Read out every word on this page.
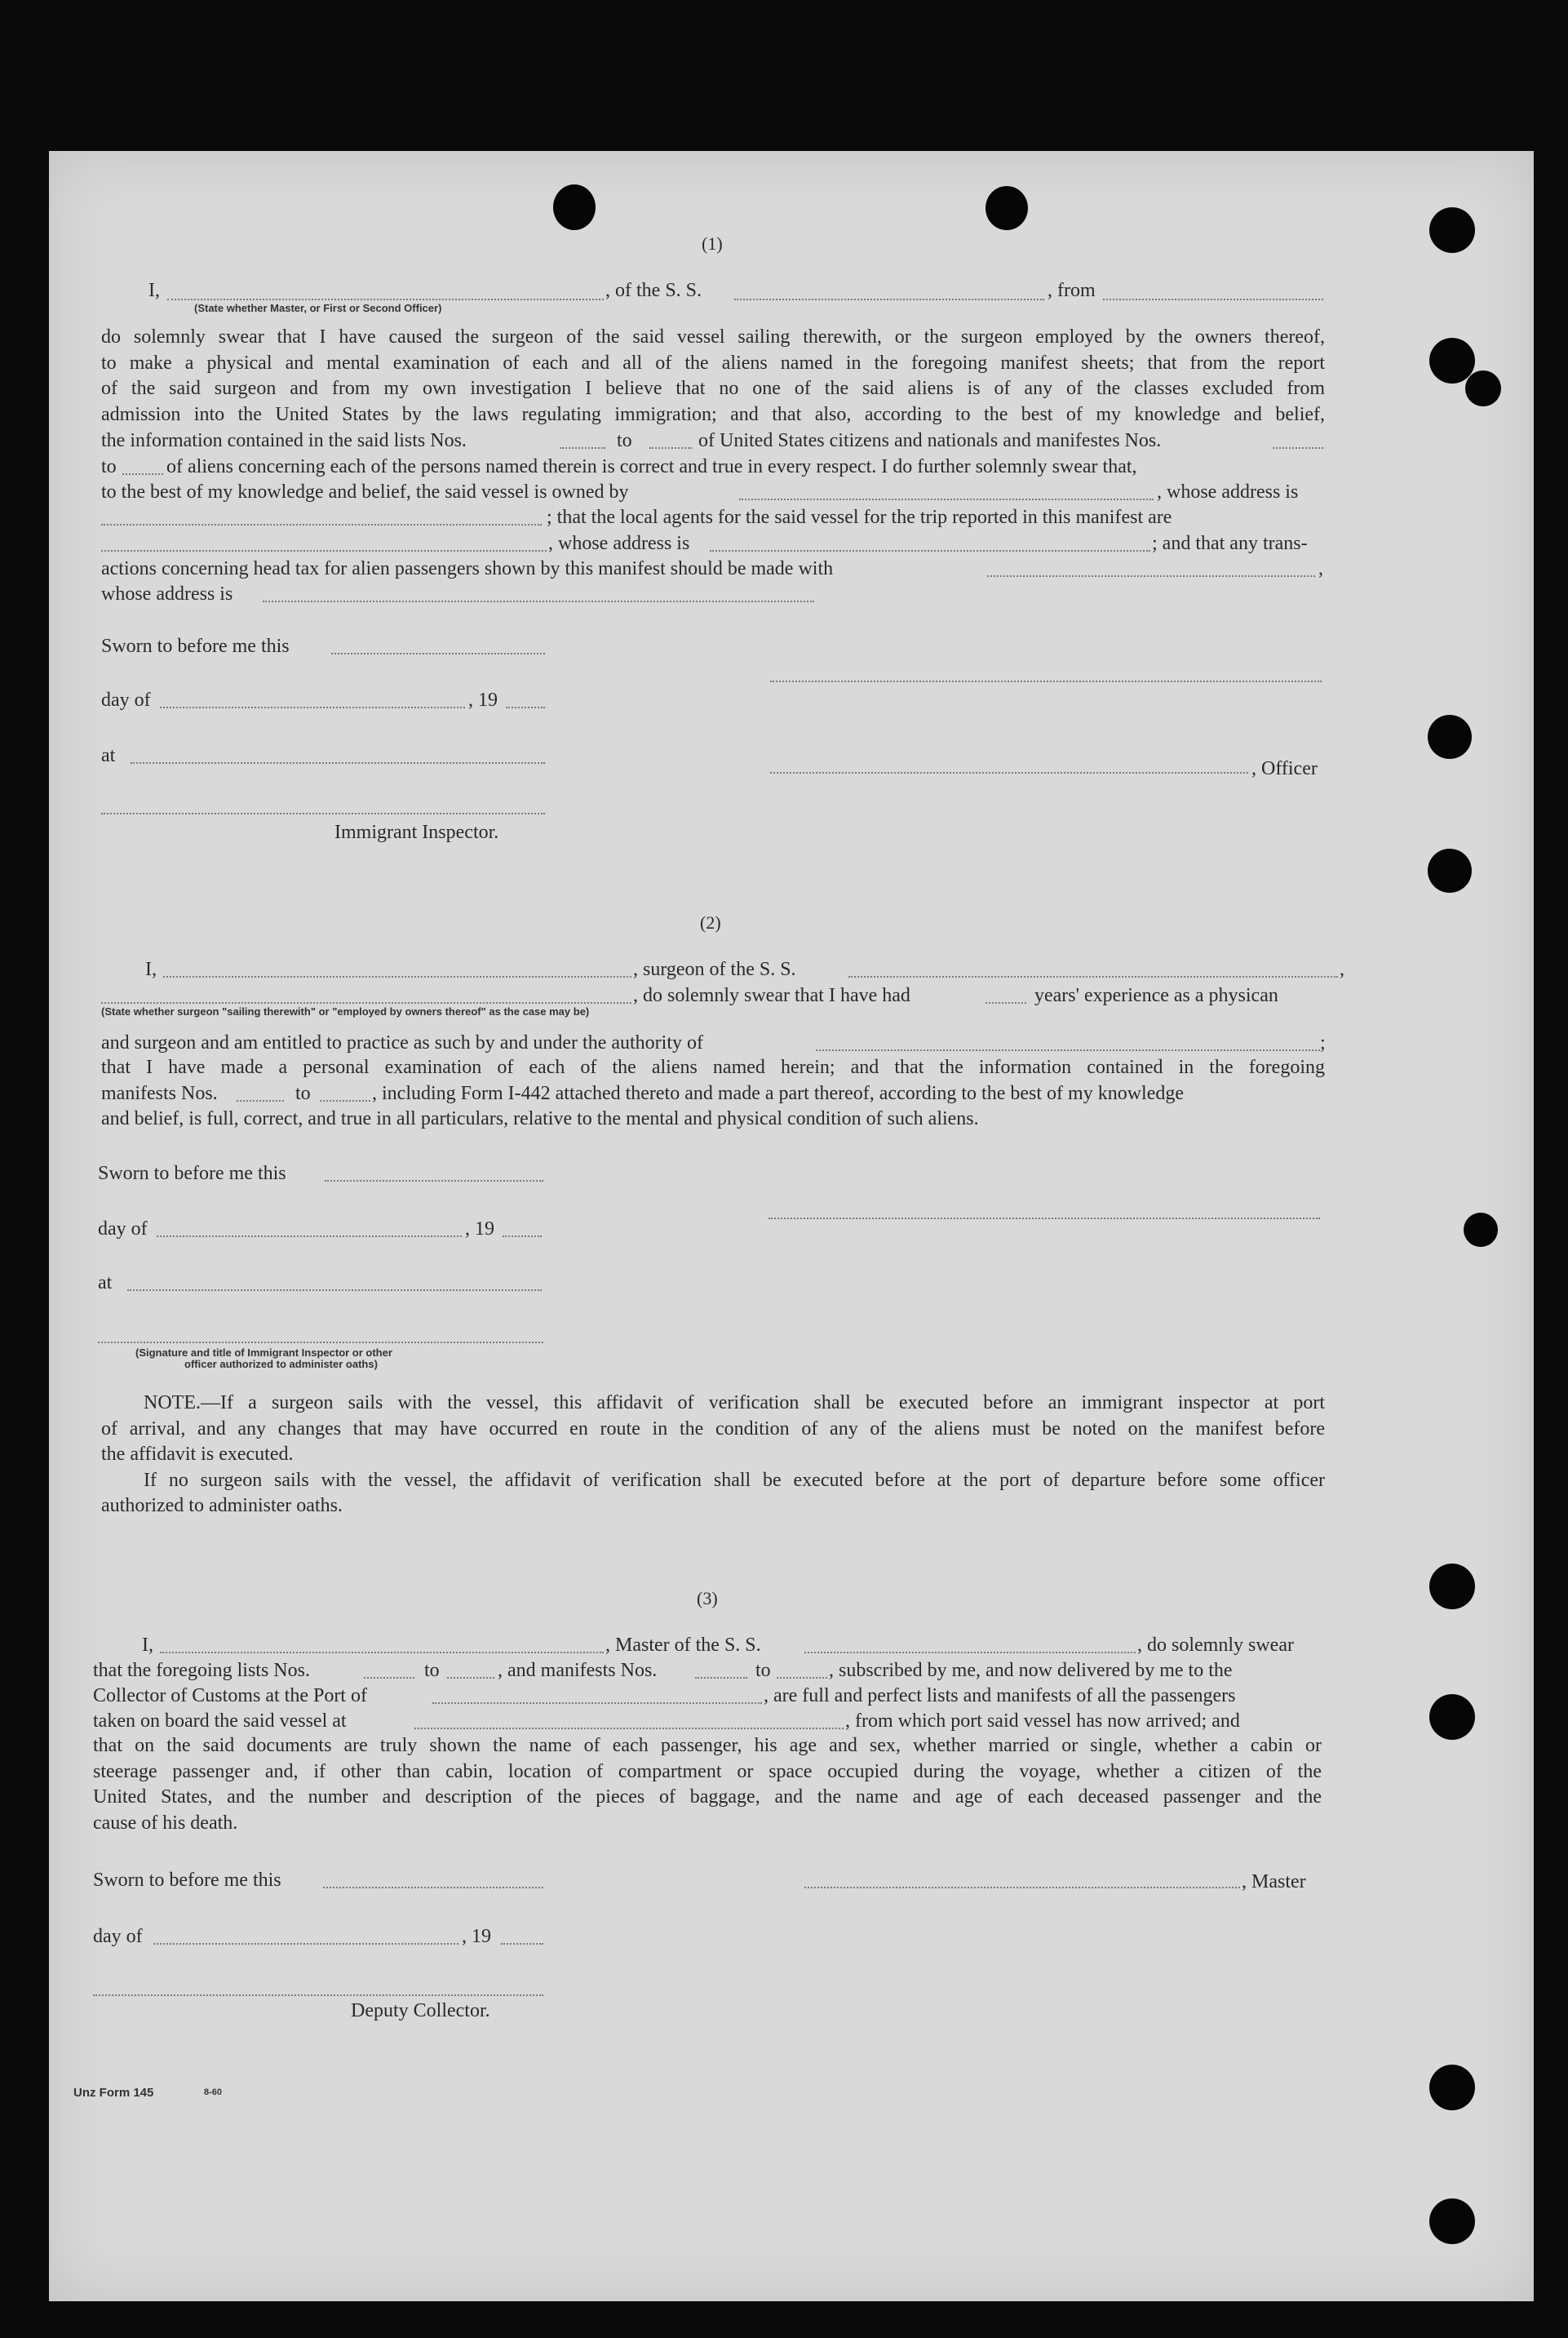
(1)
I,	, of the S. S.	, from
(State whether Master, or First or Second Officer)
do solemnly swear that I have caused the surgeon of the said vessel sailing therewith, or the surgeon employed by the owners thereof,
to make a physical and mental examination of each and all of the aliens named in the foregoing manifest sheets; that from the report
of the said surgeon and from my own investigation I believe that no one of the said aliens is of any of the classes excluded from
admission into the United States by the laws regulating immigration; and that also, according to the best of my knowledge and belief,
the information contained in the said lists Nos.	to	of United States citizens and nationals and manifestes Nos.
to	of aliens concerning each of the persons named therein is correct and true in every respect. I do further solemnly swear that,
to the best of my knowledge and belief, the said vessel is owned by	, whose address is
; that the local agents for the said vessel for the trip reported in this manifest are
, whose address is	; and that any trans-
actions concerning head tax for alien passengers shown by this manifest should be made with	,
whose address is
Sworn to before me this
day of	, 19
at
, Officer
Immigrant Inspector.
(2)
I,	, surgeon of the S. S.	,
, do solemnly swear that I have had	years' experience as a physican
(State whether surgeon "sailing therewith" or "employed by owners thereof" as the case may be)
and surgeon and am entitled to practice as such by and under the authority of	;
that I have made a personal examination of each of the aliens named herein; and that the information contained in the foregoing
manifests Nos.	to	, including Form I-442 attached thereto and made a part thereof, according to the best of my knowledge
and belief, is full, correct, and true in all particulars, relative to the mental and physical condition of such aliens.
Sworn to before me this
day of	, 19
at
(Signature and title of Immigrant Inspector or other
officer authorized to administer oaths)
NOTE.—If a surgeon sails with the vessel, this affidavit of verification shall be executed before an immigrant inspector at port
of arrival, and any changes that may have occurred en route in the condition of any of the aliens must be noted on the manifest before
the affidavit is executed.
If no surgeon sails with the vessel, the affidavit of verification shall be executed before at the port of departure before some officer
authorized to administer oaths.
(3)
I,	, Master of the S. S.	, do solemnly swear
that the foregoing lists Nos.	to	, and manifests Nos.	to	, subscribed by me, and now delivered by me to the
Collector of Customs at the Port of	, are full and perfect lists and manifests of all the passengers
taken on board the said vessel at	, from which port said vessel has now arrived; and
that on the said documents are truly shown the name of each passenger, his age and sex, whether married or single, whether a cabin or
steerage passenger and, if other than cabin, location of compartment or space occupied during the voyage, whether a citizen of the
United States, and the number and description of the pieces of baggage, and the name and age of each deceased passenger and the
cause of his death.
Sworn to before me this	, Master
day of	, 19
Deputy Collector.
Unz Form 145	8-60
